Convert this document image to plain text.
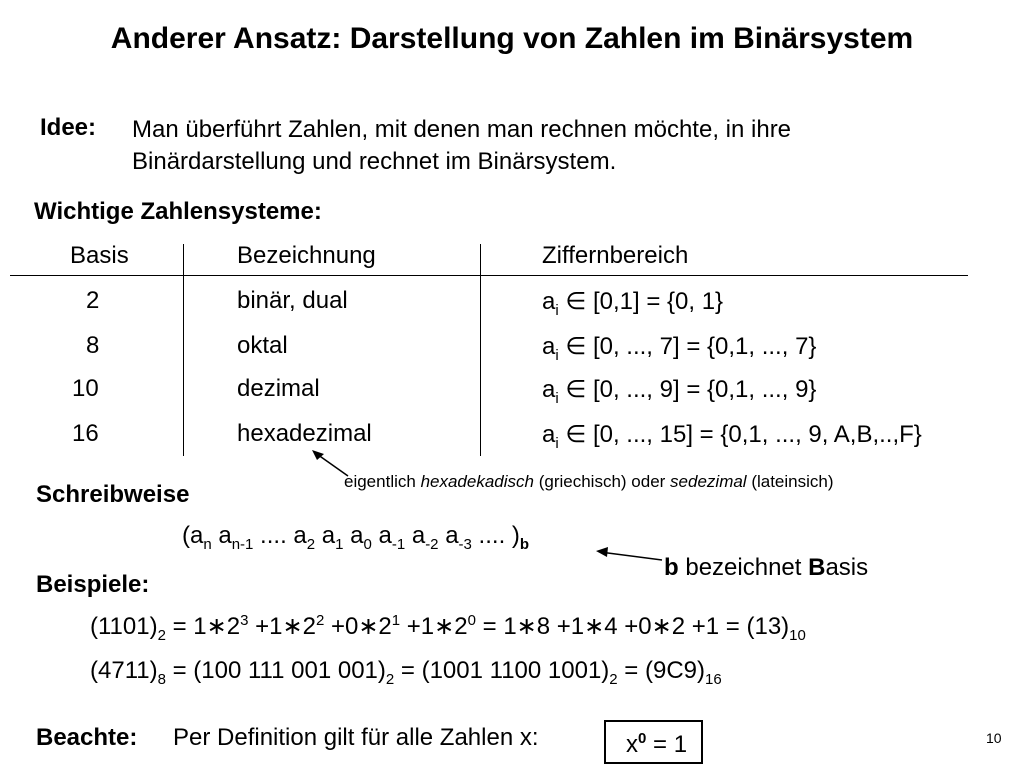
Anderer Ansatz: Darstellung von Zahlen im Binärsystem
Idee: Man überführt Zahlen, mit denen man rechnen möchte, in ihre
Binärdarstellung und rechnet im Binärsystem.
Wichtige Zahlensysteme:
Basis	Bezeichnung	Ziffernbereich
2	binär, dual	$a_i$ ∈ [0,1] = {0, 1}
8	oktal	$a_i$ ∈ [0, ..., 7] = {0,1, ..., 7}
10	dezimal	$a_i$ ∈ [0, ..., 9] = {0,1, ..., 9}
16	hexadezimal	$a_i$ ∈ [0, ..., 15] = {0,1, ..., 9, A,B,..,F}
eigentlich hexadekadisch (griechisch) oder sedezimal (lateinsich)
Schreibweise
($a_n$ $a_{n-1}$ .... $a_2$ $a_1$ $a_0$ $a_{-1}$ $a_{-2}$ $a_{-3}$ .... )$_b$
b bezeichnet Basis
Beispiele:
$(1101)_2$ = $1∗2^3$ $+1∗2^2$ $+0∗2^1$ $+1∗2^0$ = 1∗8 +1∗4 +0∗2 $+1 = (13)_{10}$
$(4711)_8 = (100$ 111 001 $001)_2 = (1001$ 1100 $1001)_2 = (9C9)_{16}$
Beachte: Per Definition gilt für alle Zahlen x:	$x^0 = 1$	10
